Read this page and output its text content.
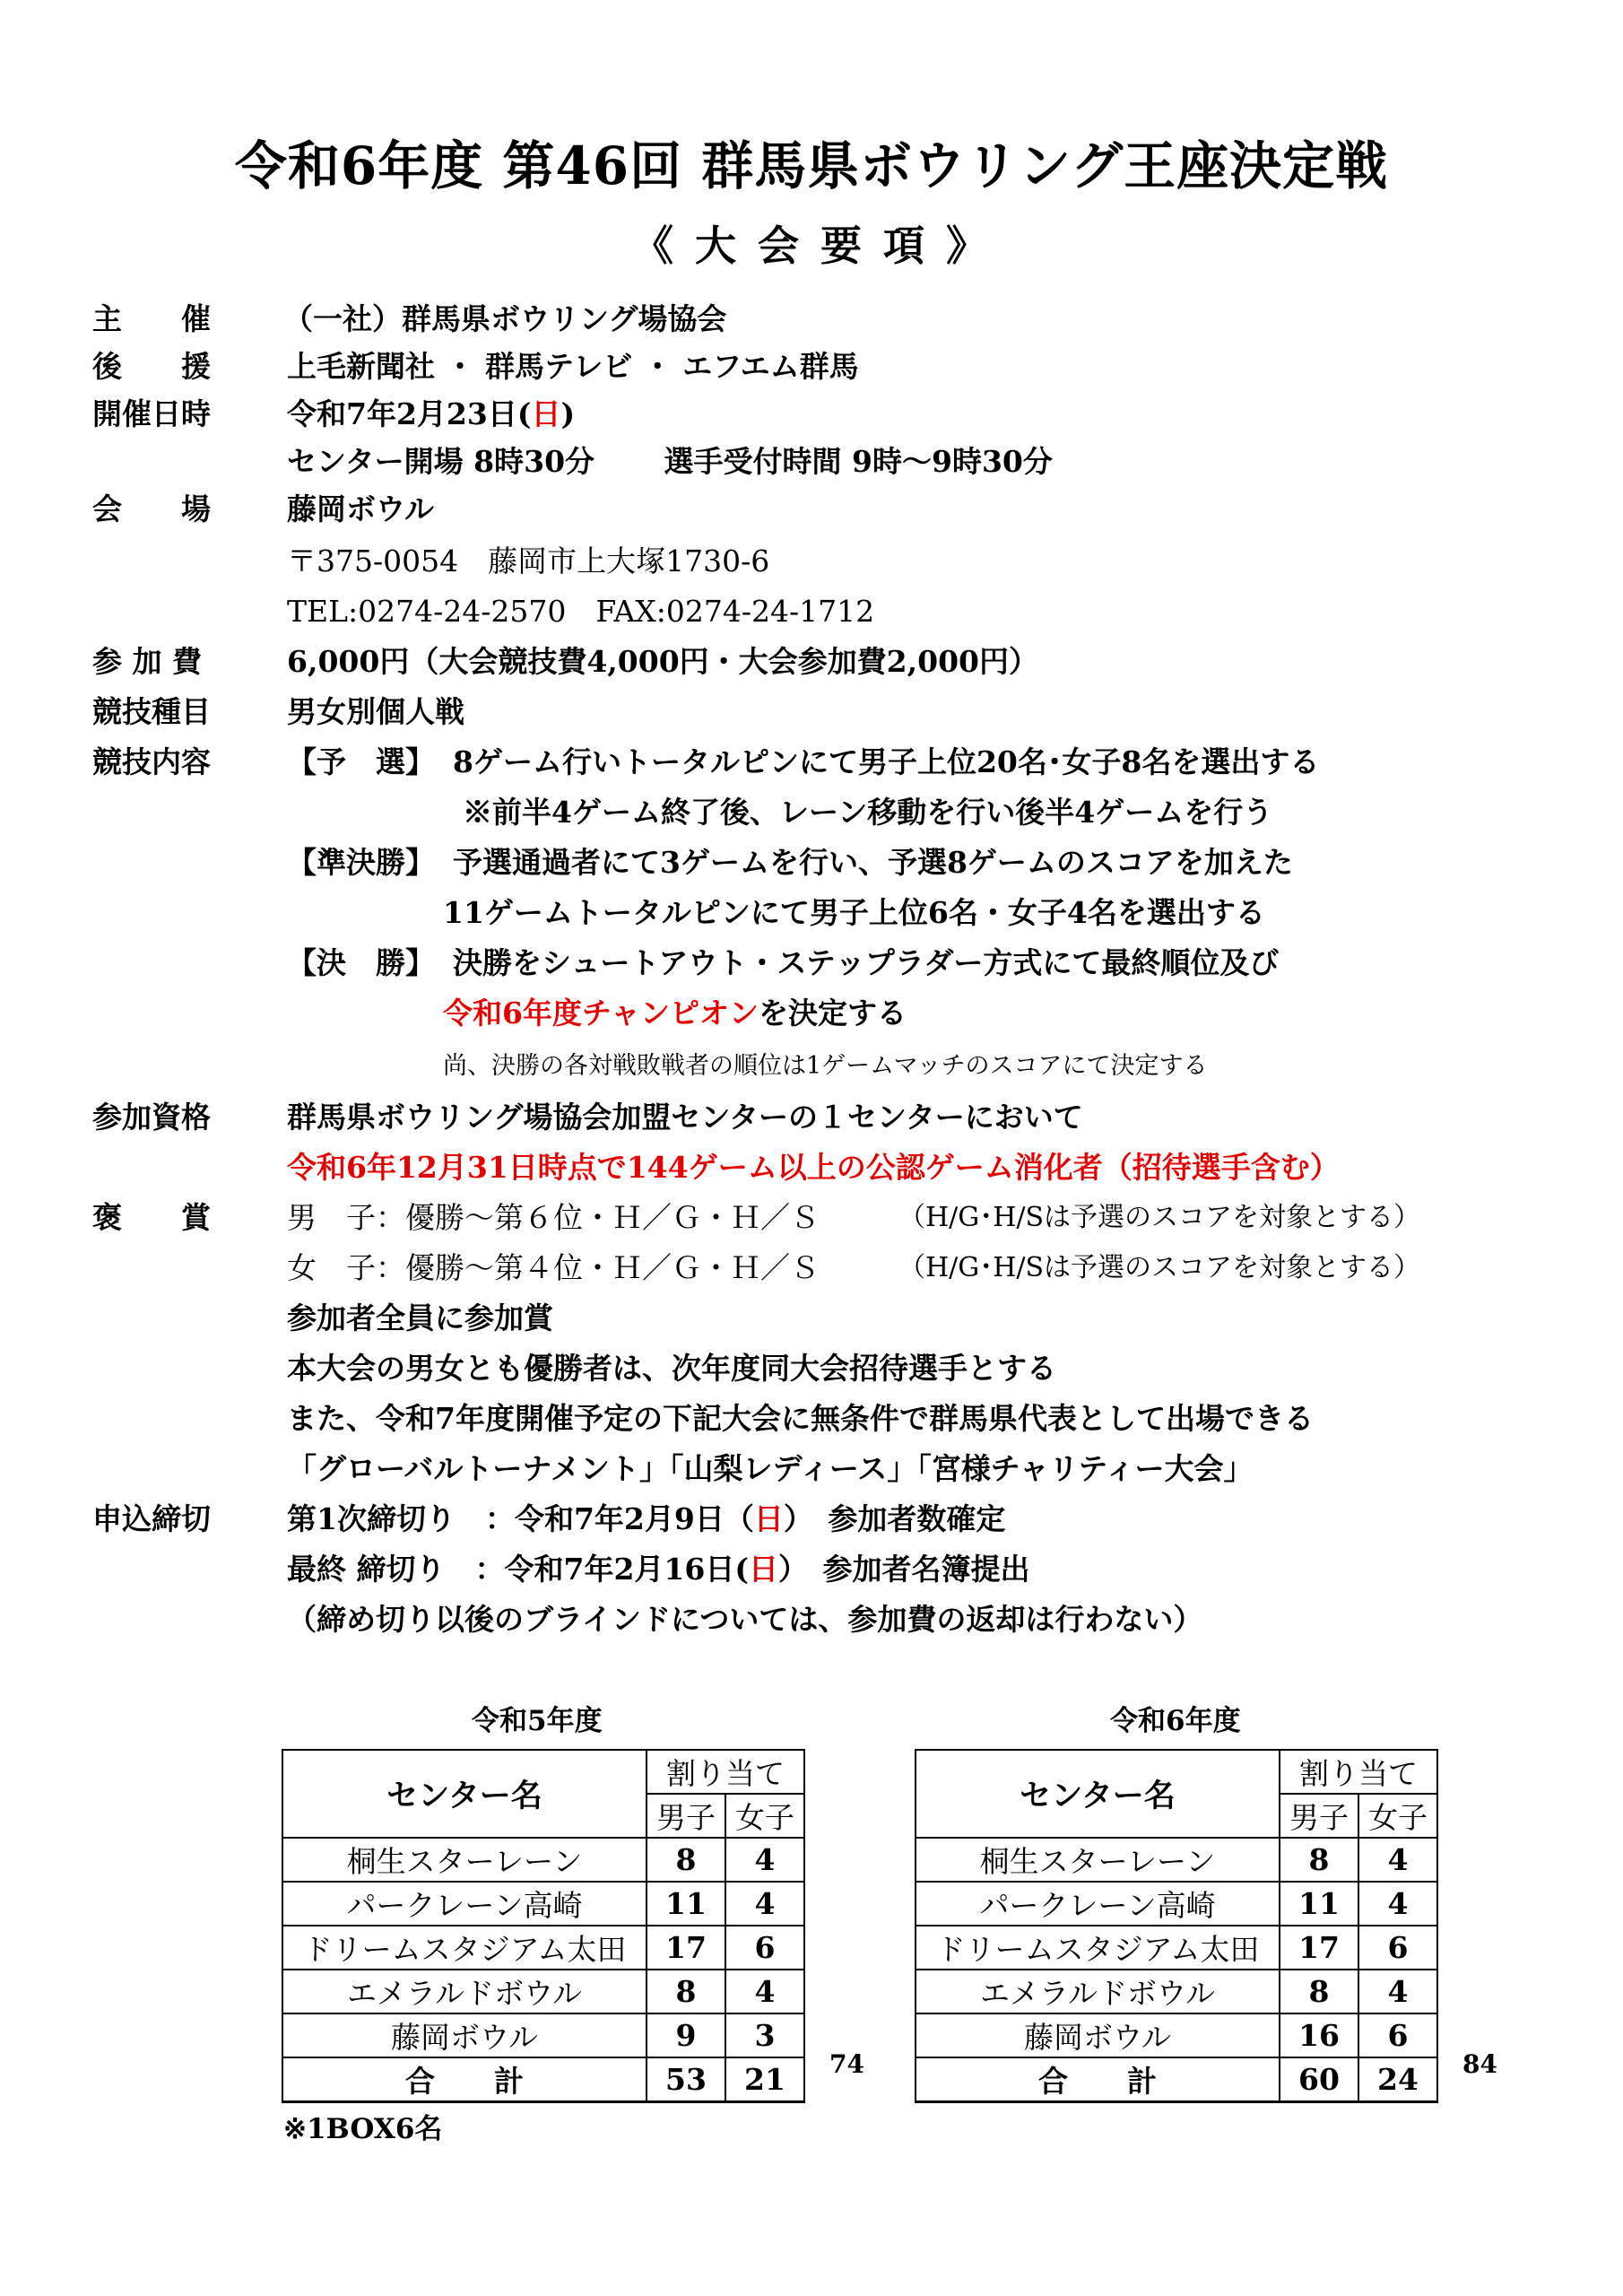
令和6年度 第46回 群馬県ボウリング王座決定戦
《 大 会 要 項 》
主　　催 （一社）群馬県ボウリング場協会
後　　援	上毛新聞社 ・ 群馬テレビ ・ エフエム群馬
開催日時	令和7年2月23日(日)
センター開場 8時30分　　 選手受付時間 9時～9時30分
会　　場	藤岡ボウル
〒375-0054　藤岡市上大塚1730-6
TEL:0274-24-2570　FAX:0274-24-1712
参 加 費	6,000円（大会競技費4,000円・大会参加費2,000円）
競技種目	男女別個人戦
競技内容	【予　選】 8ゲーム行いトータルピンにて男子上位20名･女子8名を選出する
※前半4ゲーム終了後、レーン移動を行い後半4ゲームを行う
【準決勝】 予選通過者にて3ゲームを行い、予選8ゲームのスコアを加えた
11ゲームトータルピンにて男子上位6名・女子4名を選出する
【決　勝】 決勝をシュートアウト・ステップラダー方式にて最終順位及び
令和6年度チャンピオンを決定する
尚、決勝の各対戦敗戦者の順位は1ゲームマッチのスコアにて決定する
参加資格	群馬県ボウリング場協会加盟センターの１センターにおいて
令和6年12月31日時点で144ゲーム以上の公認ゲーム消化者（招待選手含む）
褒　　賞	男　子：優勝～第６位・Ｈ／Ｇ・Ｈ／Ｓ	（H/G･H/Sは予選のスコアを対象とする）
女　子：優勝～第４位・Ｈ／Ｇ・Ｈ／Ｓ	（H/G･H/Sは予選のスコアを対象とする）
参加者全員に参加賞
本大会の男女とも優勝者は、次年度同大会招待選手とする
また、令和7年度開催予定の下記大会に無条件で群馬県代表として出場できる
「グローバルトーナメント」「山梨レディース」「宮様チャリティー大会」
申込締切	第1次締切り　：令和7年2月9日（日）　参加者数確定
最終 締切り　：令和7年2月16日(日）　参加者名簿提出
（締め切り以後のブラインドについては、参加費の返却は行わない）
令和5年度
センター名	割り当て	
	男子	女子
桐生スターレーン	8	4
パークレーン高崎	11	4
ドリームスタジアム太田	17	6
エメラルドボウル	8	4
藤岡ボウル	9	3
合　　計	53	21 74
令和6年度
センター名	割り当て	
	男子	女子
桐生スターレーン	8	4
パークレーン高崎	11	4
ドリームスタジアム太田	17	6
エメラルドボウル	8	4
藤岡ボウル	16	6
合　　計	60	24 84
※1BOX6名
